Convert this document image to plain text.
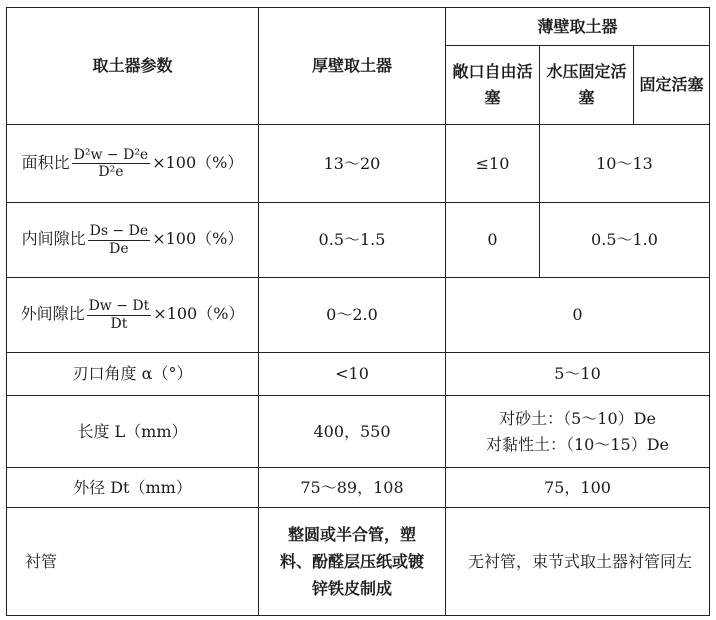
取土器参数	厚壁取土器	薄壁取土器		
		敞口自由活塞	水压固定活塞	固定活塞
面积比 $\frac{\text{D²w − D²e}}{\text{D²e}} \times 100(\%)$	13～20	≤10	10～13	
内间隙比 $\frac{Ds - De}{De} \times 100(\%)$	0.5～1.5	0	0.5～1.0	
外间隙比 $\frac{Dw - Dt}{Dt} \times 100(\%)$	0～2.0	0		
刃口角度 α（°）	<10	5～10		
长度 L（mm）	400，550	对砂土：（5～10）De
对黏性土：（10～15）De		

外径 Dt（mm）	75～89，108	75，100		
衬管	整圆或半合管，塑料、酚醛层压纸或镀锌铁皮制成	无衬管，束节式取土器衬管同左		
